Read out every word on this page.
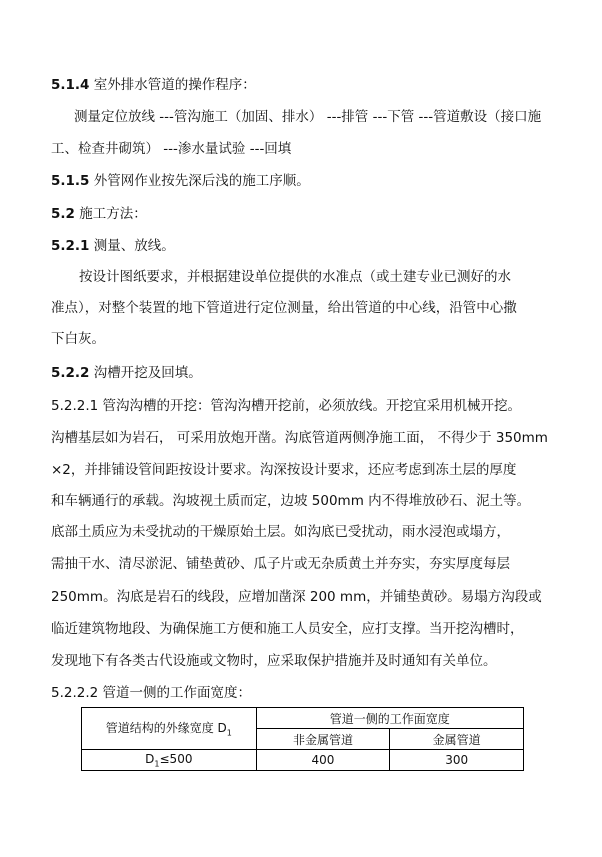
5.1.4 室外排水管道的操作程序：
测量定位放线 ---管沟施工（加固、排水） ---排管 ---下管 ---管道敷设（接口施
工、检查井砌筑） ---渗水量试验 ---回填
5.1.5 外管网作业按先深后浅的施工序顺。
5.2 施工方法：
5.2.1 测量、放线。
按设计图纸要求，并根据建设单位提供的水准点（或土建专业已测好的水
准点），对整个装置的地下管道进行定位测量，给出管道的中心线，沿管中心撒
下白灰。
5.2.2 沟槽开挖及回填。
5.2.2.1 管沟沟槽的开挖：管沟沟槽开挖前，必须放线。开挖宜采用机械开挖。
沟槽基层如为岩石， 可采用放炮开凿。沟底管道两侧净施工面， 不得少于 350mm
×2，并排铺设管间距按设计要求。沟深按设计要求，还应考虑到冻土层的厚度
和车辆通行的承载。沟坡视土质而定，边坡 500mm 内不得堆放砂石、泥土等。
底部土质应为未受扰动的干燥原始土层。如沟底已受扰动，雨水浸泡或塌方，
需抽干水、清尽淤泥、铺垫黄砂、瓜子片或无杂质黄土并夯实，夯实厚度每层
250mm。沟底是岩石的线段，应增加凿深 200 mm，并铺垫黄砂。易塌方沟段或
临近建筑物地段、为确保施工方便和施工人员安全，应打支撑。当开挖沟槽时，
发现地下有各类古代设施或文物时，应采取保护措施并及时通知有关单位。
5.2.2.2 管道一侧的工作面宽度：
管道结构的外缘宽度 $D_1$	管道一侧的工作面宽度	
	非金属管道	金属管道
$D_1\le 500$	400	300
